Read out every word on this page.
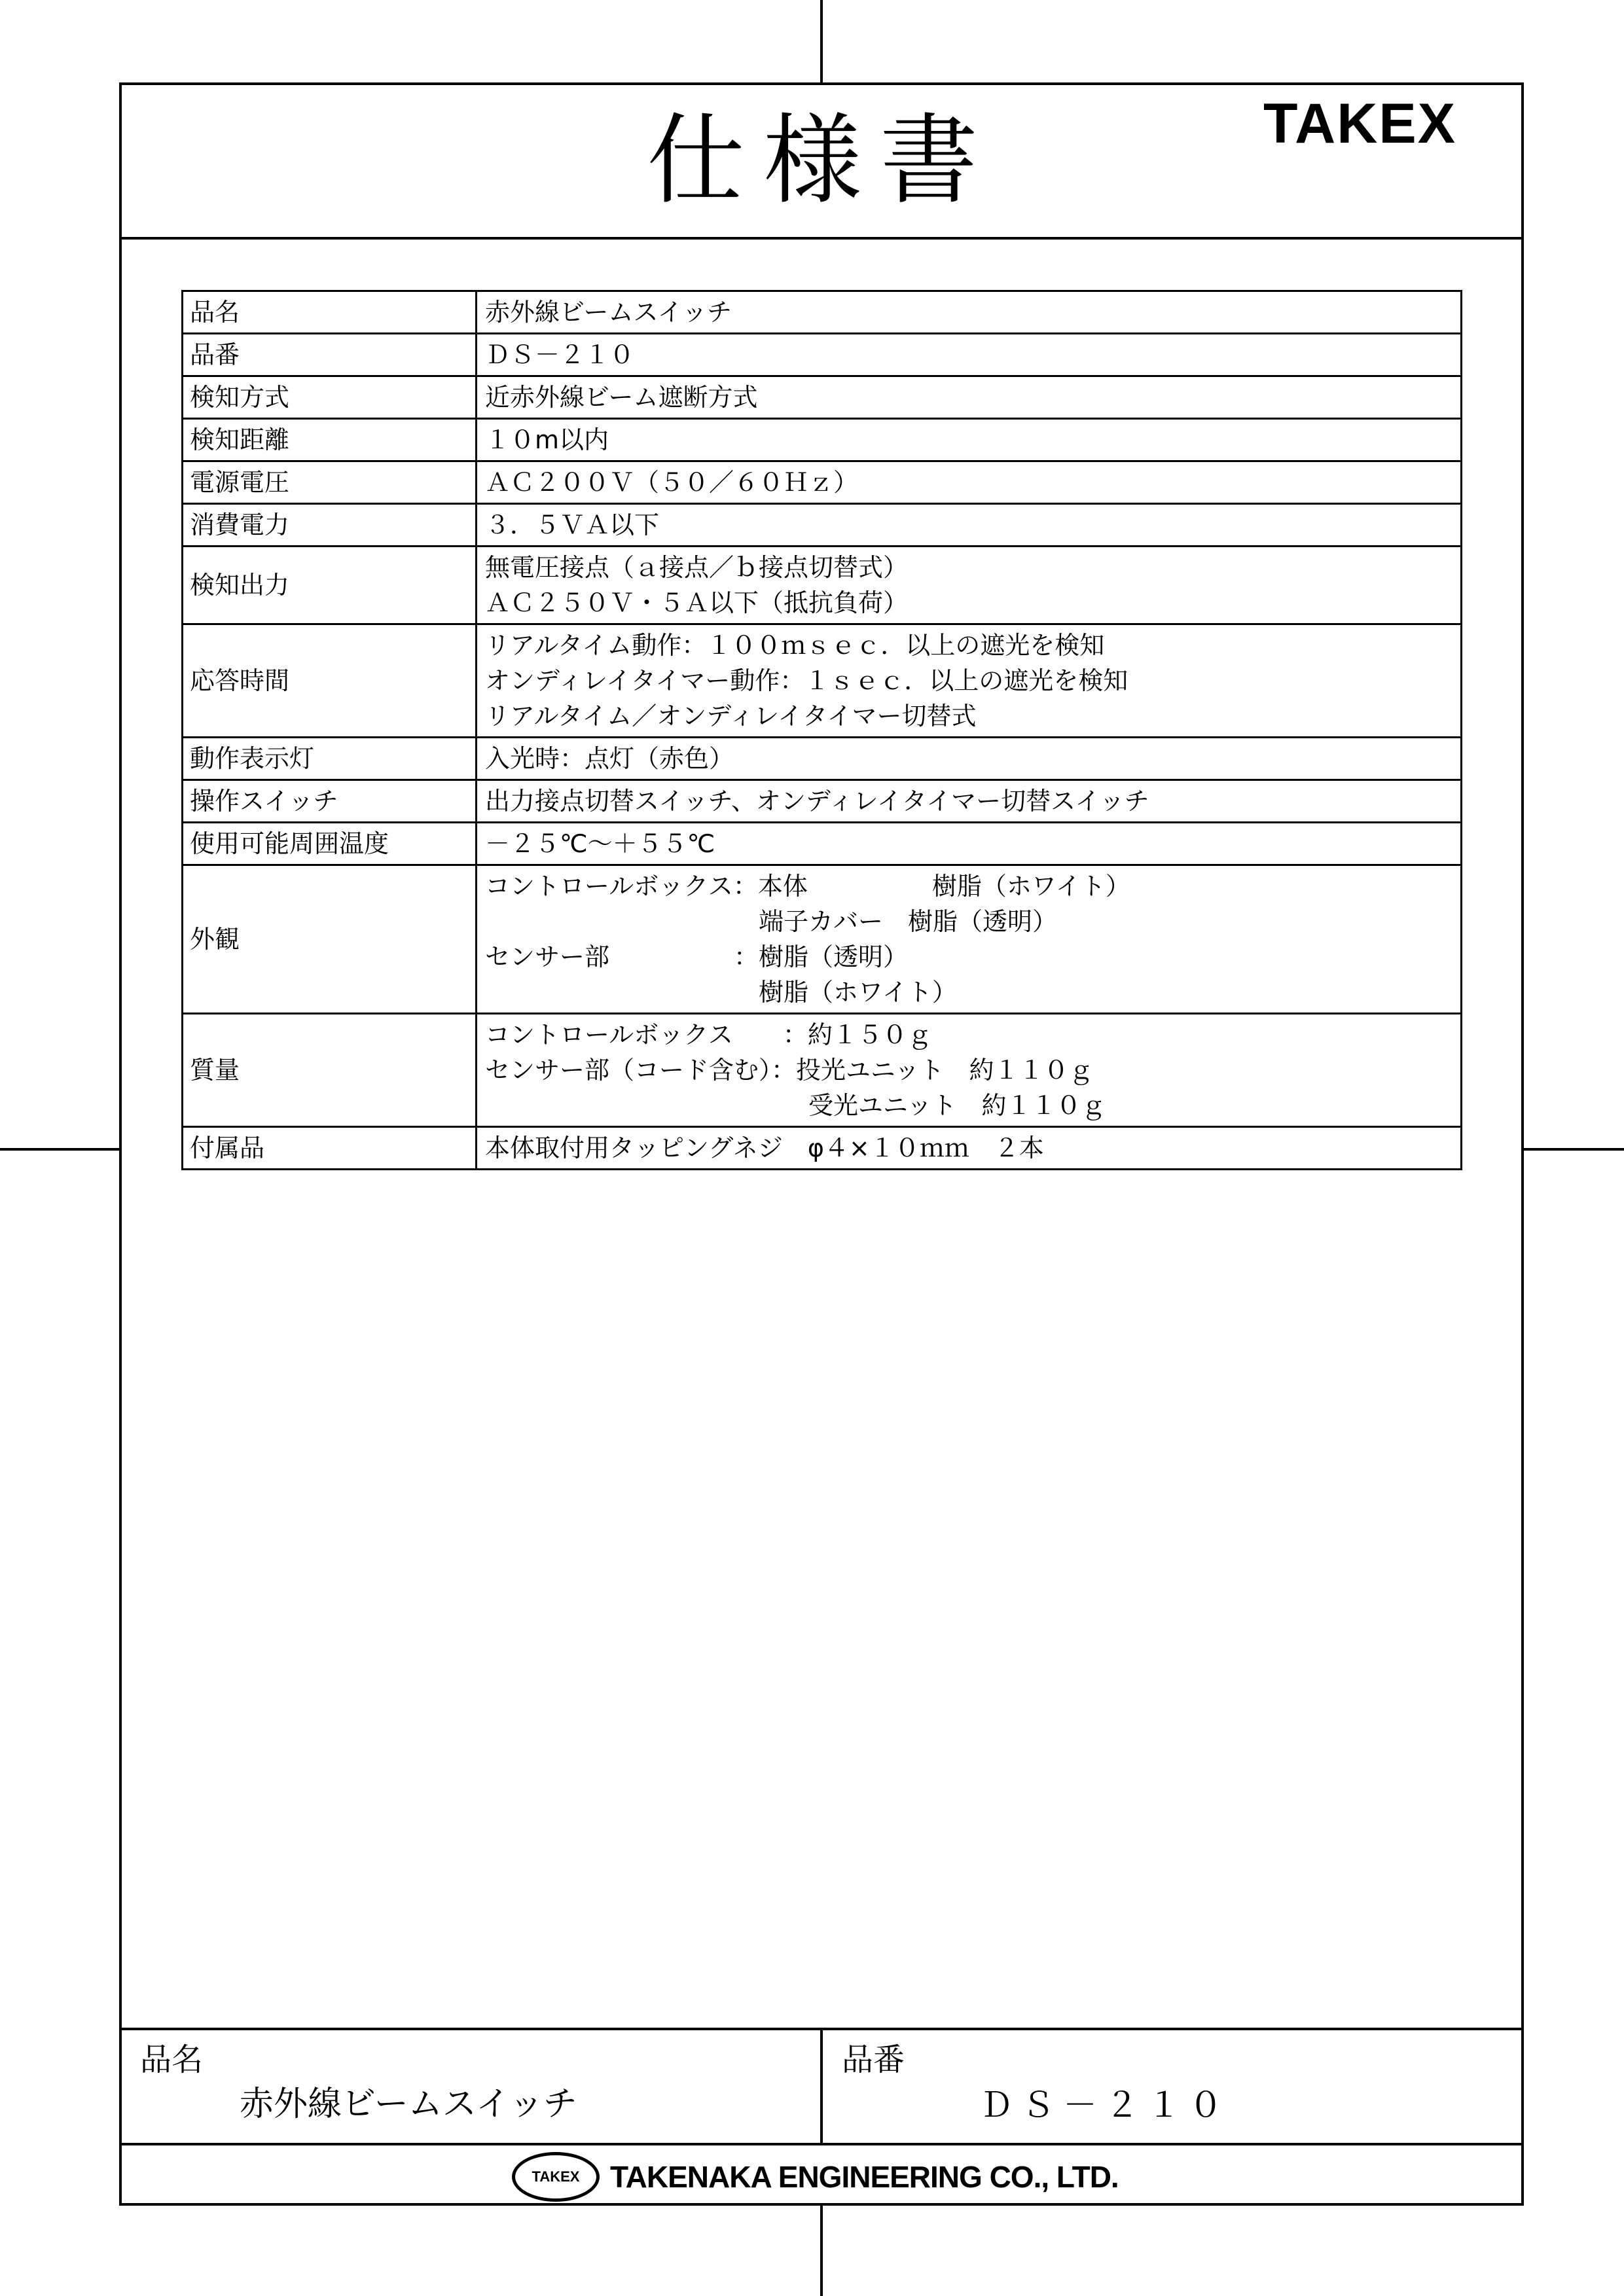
仕様書	TAKEX
品名	赤外線ビームスイッチ

品番	ＤＳ－２１０

検知方式	近赤外線ビーム遮断方式

検知距離	１０m以内

電源電圧	ＡＣ２００Ｖ（５０／６０Ｈｚ）

消費電力	３．５ＶＡ以下

検知出力	無電圧接点（ａ接点／ｂ接点切替式）
ＡＣ２５０Ｖ・５Ａ以下（抵抗負荷）

応答時間	リアルタイム動作：１００ｍｓｅｃ．以上の遮光を検知
オンディレイタイマー動作：１ｓｅｃ．以上の遮光を検知
リアルタイム／オンディレイタイマー切替式

動作表示灯	入光時：点灯（赤色）

操作スイッチ	出力接点切替スイッチ、オンディレイタイマー切替スイッチ

使用可能周囲温度	－２５℃～＋５５℃

外観	コントロールボックス：本体　　　　　樹脂（ホワイト）
　　　　　　　　　　　端子カバー　樹脂（透明）
センサー部　　　　　：樹脂（透明）
　　　　　　　　　　　樹脂（ホワイト）

質量	コントロールボックス　　：約１５０ｇ
センサー部（コード含む）：投光ユニット　約１１０ｇ
　　　　　　　　　　　　　受光ユニット　約１１０ｇ

付属品	本体取付用タッピングネジ　φ４×１０ｍｍ　２本
品名
赤外線ビームスイッチ
品番
ＤＳ－２１０
TAKEX TAKENAKA ENGINEERING CO., LTD.
